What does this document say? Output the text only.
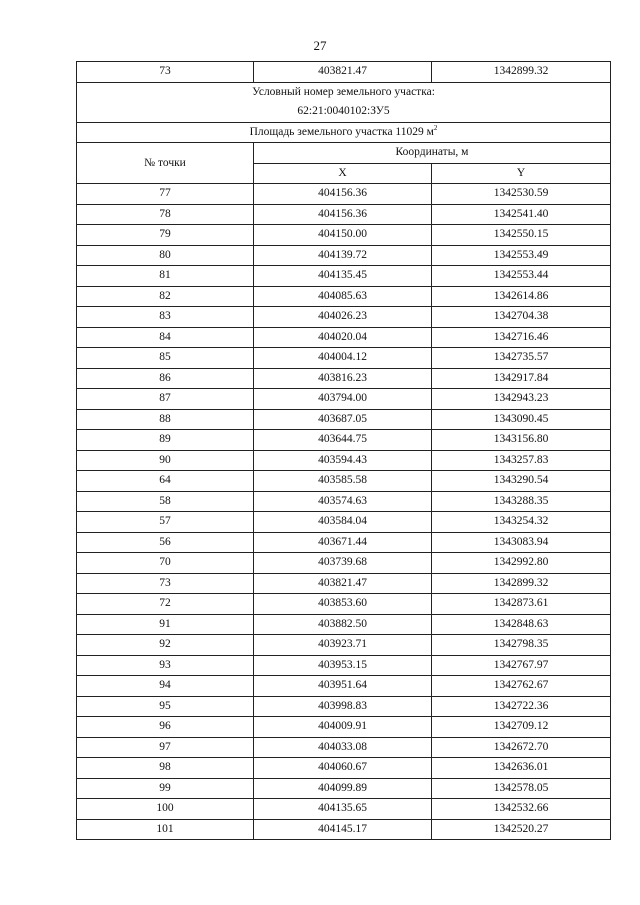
27
73	403821.47	1342899.32
Условный номер земельного участка:		
62:21:0040102:ЗУ5		
Площадь земельного участка 11029 $м^2$
№ точки	Координаты, м	
	X	Y
77	404156.36	1342530.59
78	404156.36	1342541.40
79	404150.00	1342550.15
80	404139.72	1342553.49
81	404135.45	1342553.44
82	404085.63	1342614.86
83	404026.23	1342704.38
84	404020.04	1342716.46
85	404004.12	1342735.57
86	403816.23	1342917.84
87	403794.00	1342943.23
88	403687.05	1343090.45
89	403644.75	1343156.80
90	403594.43	1343257.83
64	403585.58	1343290.54
58	403574.63	1343288.35
57	403584.04	1343254.32
56	403671.44	1343083.94
70	403739.68	1342992.80
73	403821.47	1342899.32
72	403853.60	1342873.61
91	403882.50	1342848.63
92	403923.71	1342798.35
93	403953.15	1342767.97
94	403951.64	1342762.67
95	403998.83	1342722.36
96	404009.91	1342709.12
97	404033.08	1342672.70
98	404060.67	1342636.01
99	404099.89	1342578.05
100	404135.65	1342532.66
101	404145.17	1342520.27
